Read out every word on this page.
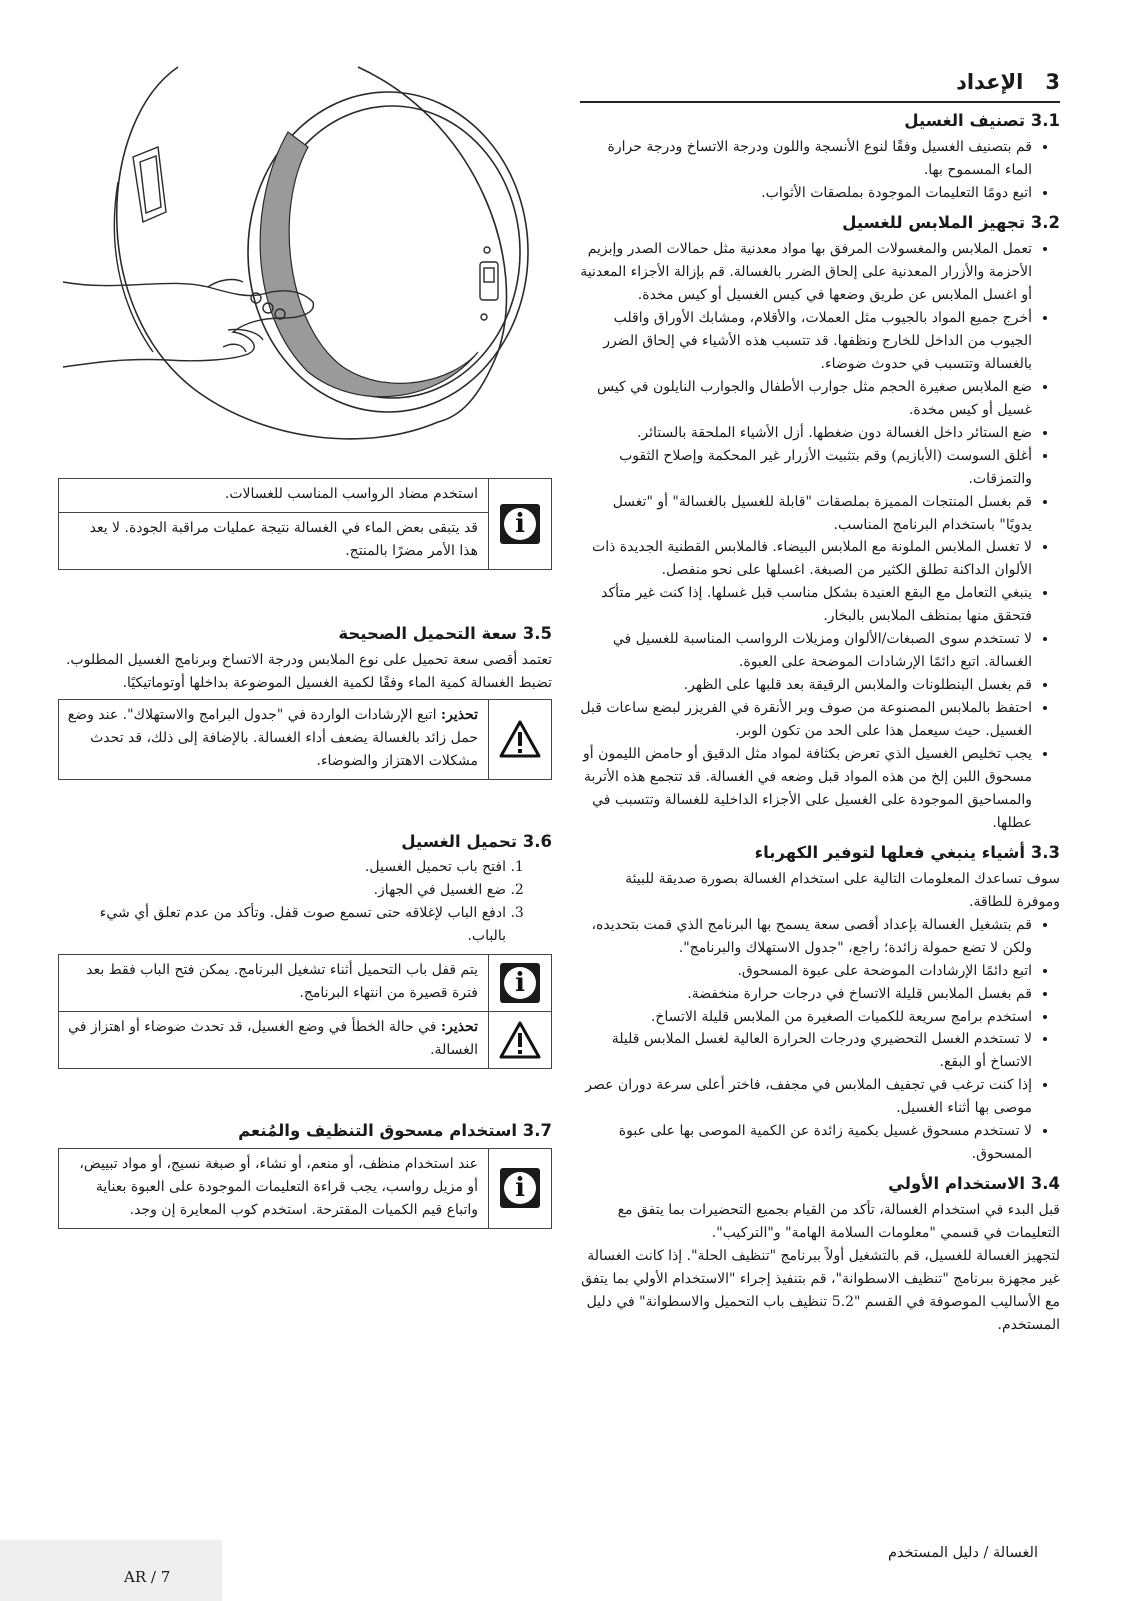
3الإعداد
3.1 تصنيف الغسيل
• قم بتصنيف الغسيل وفقًا لنوع الأنسجة واللون ودرجة الاتساخ ودرجة حرارة الماء المسموح بها.
• اتبع دومًا التعليمات الموجودة بملصقات الأثواب.
3.2 تجهيز الملابس للغسيل
• تعمل الملابس والمغسولات المرفق بها مواد معدنية مثل حمالات الصدر وإبزيم الأحزمة والأزرار المعدنية على إلحاق الضرر بالغسالة. قم بإزالة الأجزاء المعدنية أو اغسل الملابس عن طريق وضعها في كيس الغسيل أو كيس مخدة.
• أخرج جميع المواد بالجيوب مثل العملات، والأقلام، ومشابك الأوراق واقلب الجيوب من الداخل للخارج ونظفها. قد تتسبب هذه الأشياء في إلحاق الضرر بالغسالة وتتسبب في حدوث ضوضاء.
• ضع الملابس صغيرة الحجم مثل جوارب الأطفال والجوارب النايلون في كيس غسيل أو كيس مخدة.
• ضع الستائر داخل الغسالة دون ضغطها. أزل الأشياء الملحقة بالستائر.
• أغلق السوست (الأبازيم) وقم بتثبيت الأزرار غير المحكمة وإصلاح الثقوب والتمزقات.
• قم بغسل المنتجات المميزة بملصقات "قابلة للغسيل بالغسالة" أو "تغسل يدويًا" باستخدام البرنامج المناسب.
• لا تغسل الملابس الملونة مع الملابس البيضاء. فالملابس القطنية الجديدة ذات الألوان الداكنة تطلق الكثير من الصبغة. اغسلها على نحو منفصل.
• ينبغي التعامل مع البقع العنيدة بشكل مناسب قبل غسلها. إذا كنت غير متأكد فتحقق منها بمنظف الملابس بالبخار.
• لا تستخدم سوى الصبغات/الألوان ومزيلات الرواسب المناسبة للغسيل في الغسالة. اتبع دائمًا الإرشادات الموضحة على العبوة.
• قم بغسل البنطلونات والملابس الرقيقة بعد قلبها على الظهر.
• احتفظ بالملابس المصنوعة من صوف وبر الأنقرة في الفريزر لبضع ساعات قبل الغسيل. حيث سيعمل هذا على الحد من تكون الوبر.
• يجب تخليص الغسيل الذي تعرض بكثافة لمواد مثل الدقيق أو حامض الليمون أو مسحوق اللبن إلخ من هذه المواد قبل وضعه في الغسالة. قد تتجمع هذه الأتربة والمساحيق الموجودة على الغسيل على الأجزاء الداخلية للغسالة وتتسبب في عطلها.
3.3 أشياء ينبغي فعلها لتوفير الكهرباء

سوف تساعدك المعلومات التالية على استخدام الغسالة بصورة صديقة للبيئة وموفرة للطاقة.

• قم بتشغيل الغسالة بإعداد أقصى سعة يسمح بها البرنامج الذي قمت بتحديده، ولكن لا تضع حمولة زائدة؛ راجع، "جدول الاستهلاك والبرنامج".
• اتبع دائمًا الإرشادات الموضحة على عبوة المسحوق.
• قم بغسل الملابس قليلة الاتساخ في درجات حرارة منخفضة.
• استخدم برامج سريعة للكميات الصغيرة من الملابس قليلة الاتساخ.
• لا تستخدم الغسل التحضيري ودرجات الحرارة العالية لغسل الملابس قليلة الاتساخ أو البقع.
• إذا كنت ترغب في تجفيف الملابس في مجفف، فاختر أعلى سرعة دوران عصر موصى بها أثناء الغسيل.
• لا تستخدم مسحوق غسيل بكمية زائدة عن الكمية الموصى بها على عبوة المسحوق.
3.4 الاستخدام الأولي

قبل البدء في استخدام الغسالة، تأكد من القيام بجميع التحضيرات بما يتفق مع التعليمات في قسمي "معلومات السلامة الهامة" و"التركيب".

لتجهيز الغسالة للغسيل، قم بالتشغيل أولاً ببرنامج "تنظيف الحلة". إذا كانت الغسالة غير مجهزة ببرنامج "تنظيف الاسطوانة"، قم بتنفيذ إجراء "الاستخدام الأولي بما يتفق مع الأساليب الموصوفة في القسم "5.2 تنظيف باب التحميل والاسطوانة" في دليل المستخدم.

i
استخدم مضاد الرواسب المناسب للغسالات.
قد يتبقى بعض الماء في الغسالة نتيجة عمليات مراقبة الجودة. لا يعد هذا الأمر مضرًا بالمنتج.
3.5 سعة التحميل الصحيحة

تعتمد أقصى سعة تحميل على نوع الملابس ودرجة الاتساخ وبرنامج الغسيل المطلوب.

تضبط الغسالة كمية الماء وفقًا لكمية الغسيل الموضوعة بداخلها أوتوماتيكيًا.

تحذير: اتبع الإرشادات الواردة في "جدول البرامج والاستهلاك". عند وضع حمل زائد بالغسالة يضعف أداء الغسالة. بالإضافة إلى ذلك، قد تحدث مشكلات الاهتزاز والضوضاء.
3.6 تحميل الغسيل
1. افتح باب تحميل الغسيل.
2. ضع الغسيل في الجهاز.
3. ادفع الباب لإغلاقه حتى تسمع صوت قفل. وتأكد من عدم تعلق أي شيء بالباب.
i
يتم قفل باب التحميل أثناء تشغيل البرنامج. يمكن فتح الباب فقط بعد فترة قصيرة من انتهاء البرنامج.
تحذير: في حالة الخطأ في وضع الغسيل، قد تحدث ضوضاء أو اهتزاز في الغسالة.
3.7 استخدام مسحوق التنظيف والمُنعم
i
عند استخدام منظف، أو منعم، أو نشاء، أو صبغة نسيج، أو مواد تبييض، أو مزيل رواسب، يجب قراءة التعليمات الموجودة على العبوة بعناية واتباع قيم الكميات المقترحة. استخدم كوب المعايرة إن وجد.
AR / 7
الغسالة / دليل المستخدم
